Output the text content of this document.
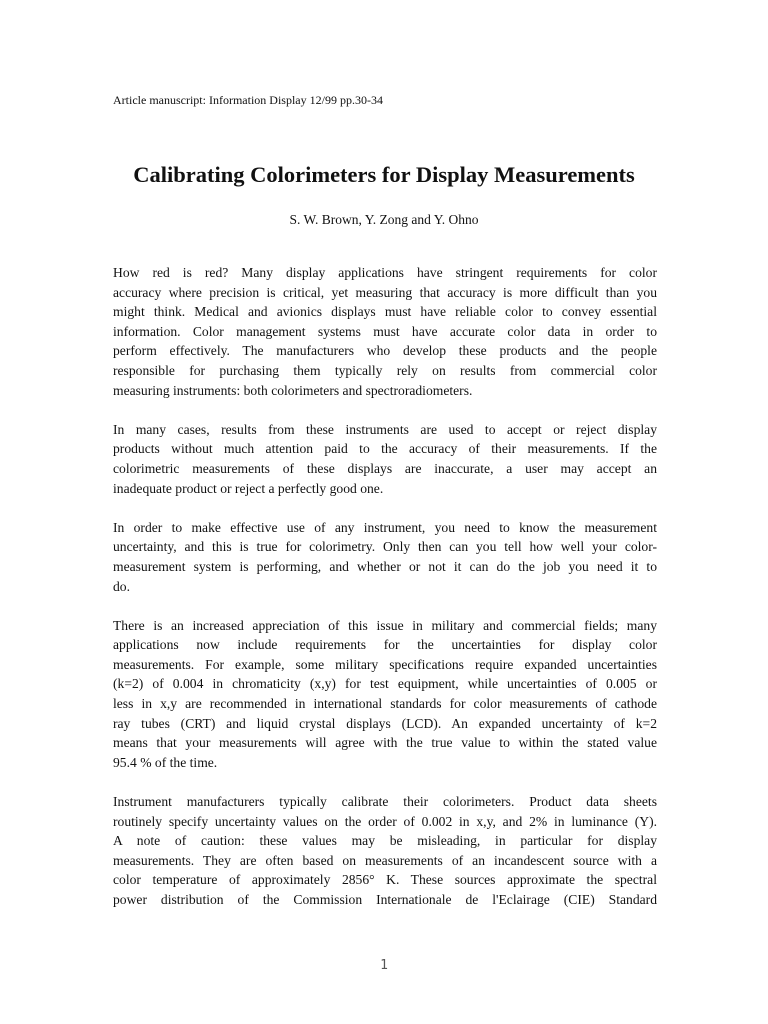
Article manuscript: Information Display 12/99 pp.30-34
Calibrating Colorimeters for Display Measurements
S. W. Brown, Y. Zong and Y. Ohno

How red is red? Many display applications have stringent requirements for color
accuracy where precision is critical, yet measuring that accuracy is more difficult than you
might think. Medical and avionics displays must have reliable color to convey essential
information. Color management systems must have accurate color data in order to
perform effectively. The manufacturers who develop these products and the people
responsible for purchasing them typically rely on results from commercial color
measuring instruments: both colorimeters and spectroradiometers.

In many cases, results from these instruments are used to accept or reject display
products without much attention paid to the accuracy of their measurements. If the
colorimetric measurements of these displays are inaccurate, a user may accept an
inadequate product or reject a perfectly good one.

In order to make effective use of any instrument, you need to know the measurement
uncertainty, and this is true for colorimetry. Only then can you tell how well your color-
measurement system is performing, and whether or not it can do the job you need it to
do.

There is an increased appreciation of this issue in military and commercial fields; many
applications now include requirements for the uncertainties for display color
measurements. For example, some military specifications require expanded uncertainties
(k=2) of 0.004 in chromaticity (x,y) for test equipment, while uncertainties of 0.005 or
less in x,y are recommended in international standards for color measurements of cathode
ray tubes (CRT) and liquid crystal displays (LCD). An expanded uncertainty of k=2
means that your measurements will agree with the true value to within the stated value
95.4 % of the time.

Instrument manufacturers typically calibrate their colorimeters. Product data sheets
routinely specify uncertainty values on the order of 0.002 in x,y, and 2% in luminance (Y).
A note of caution: these values may be misleading, in particular for display
measurements. They are often based on measurements of an incandescent source with a
color temperature of approximately 2856° K. These sources approximate the spectral
power distribution of the Commission Internationale de l'Eclairage (CIE) Standard

1
